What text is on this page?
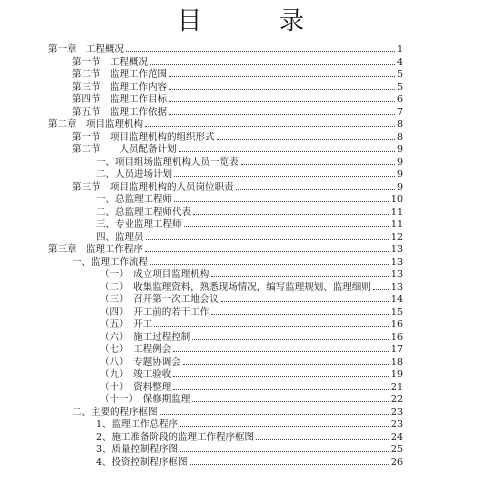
目　录
第一章　工程概况	1
第一节　工程概况	4
第二节　监理工作范围	5
第三节　监理工作内容	5
第四节　监理工作目标	6
第五节　监理工作依据	7
第二章　项目监理机构	8
第一节　项目监理机构的组织形式	8
第二节　　人员配备计划	9
一、项目组场监理机构人员一览表	9
二、人员进场计划	9
第三节　项目监理机构的人员岗位职责	9
一、总监理工程师	10
二、总监理工程师代表	11
三、专业监理工程师	11
四、监理员	12
第三章　监理工作程序	13
一、监理工作流程	13
（一）　成立项目监理机构	13
（二）　收集监理资料，熟悉现场情况，编写监理规划、监理细则 13
（三）　召开第一次工地会议	14
（四）　开工前的若干工作	15
（五）　开工	16
（六）　施工过程控制	16
（七）　工程例会	17
（八）　专题协调会	18
（九）　竣工验收	19
（十）　资料整理	21
（十一）　保修期监理	22
二、主要的程序框图	23
1、监理工作总程序	23
2、施工准备阶段的监理工作程序框图	24
3、质量控制程序图	25
4、投资控制程序框图	26
